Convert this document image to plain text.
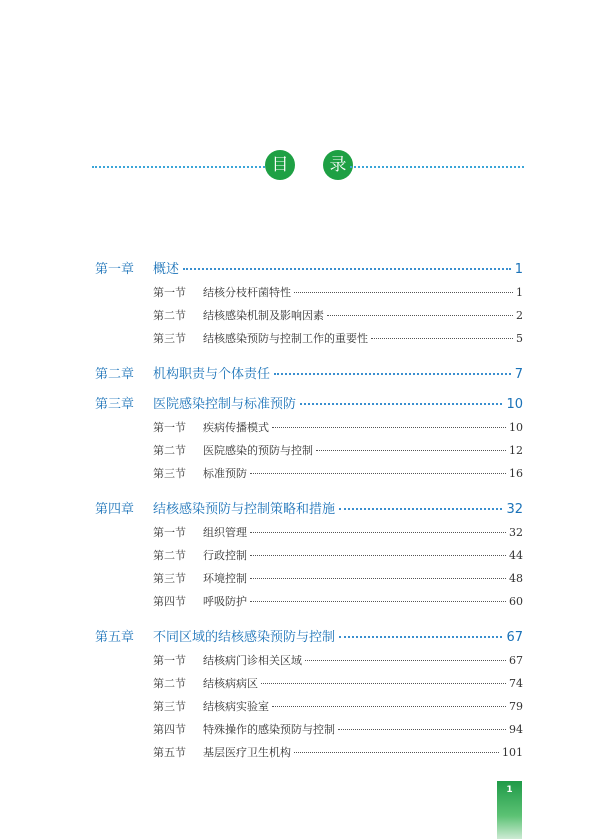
目	录
第一章	概述	1
第一节	结核分枝杆菌特性	1
第二节	结核感染机制及影响因素	2
第三节	结核感染预防与控制工作的重要性	5
第二章	机构职责与个体责任	7
第三章	医院感染控制与标准预防	10
第一节	疾病传播模式	10
第二节	医院感染的预防与控制	12
第三节	标准预防	16
第四章	结核感染预防与控制策略和措施	32
第一节	组织管理	32
第二节	行政控制	44
第三节	环境控制	48
第四节	呼吸防护	60
第五章	不同区域的结核感染预防与控制	67
第一节	结核病门诊相关区域	67
第二节	结核病病区	74
第三节	结核病实验室	79
第四节	特殊操作的感染预防与控制	94
第五节	基层医疗卫生机构	101
1
